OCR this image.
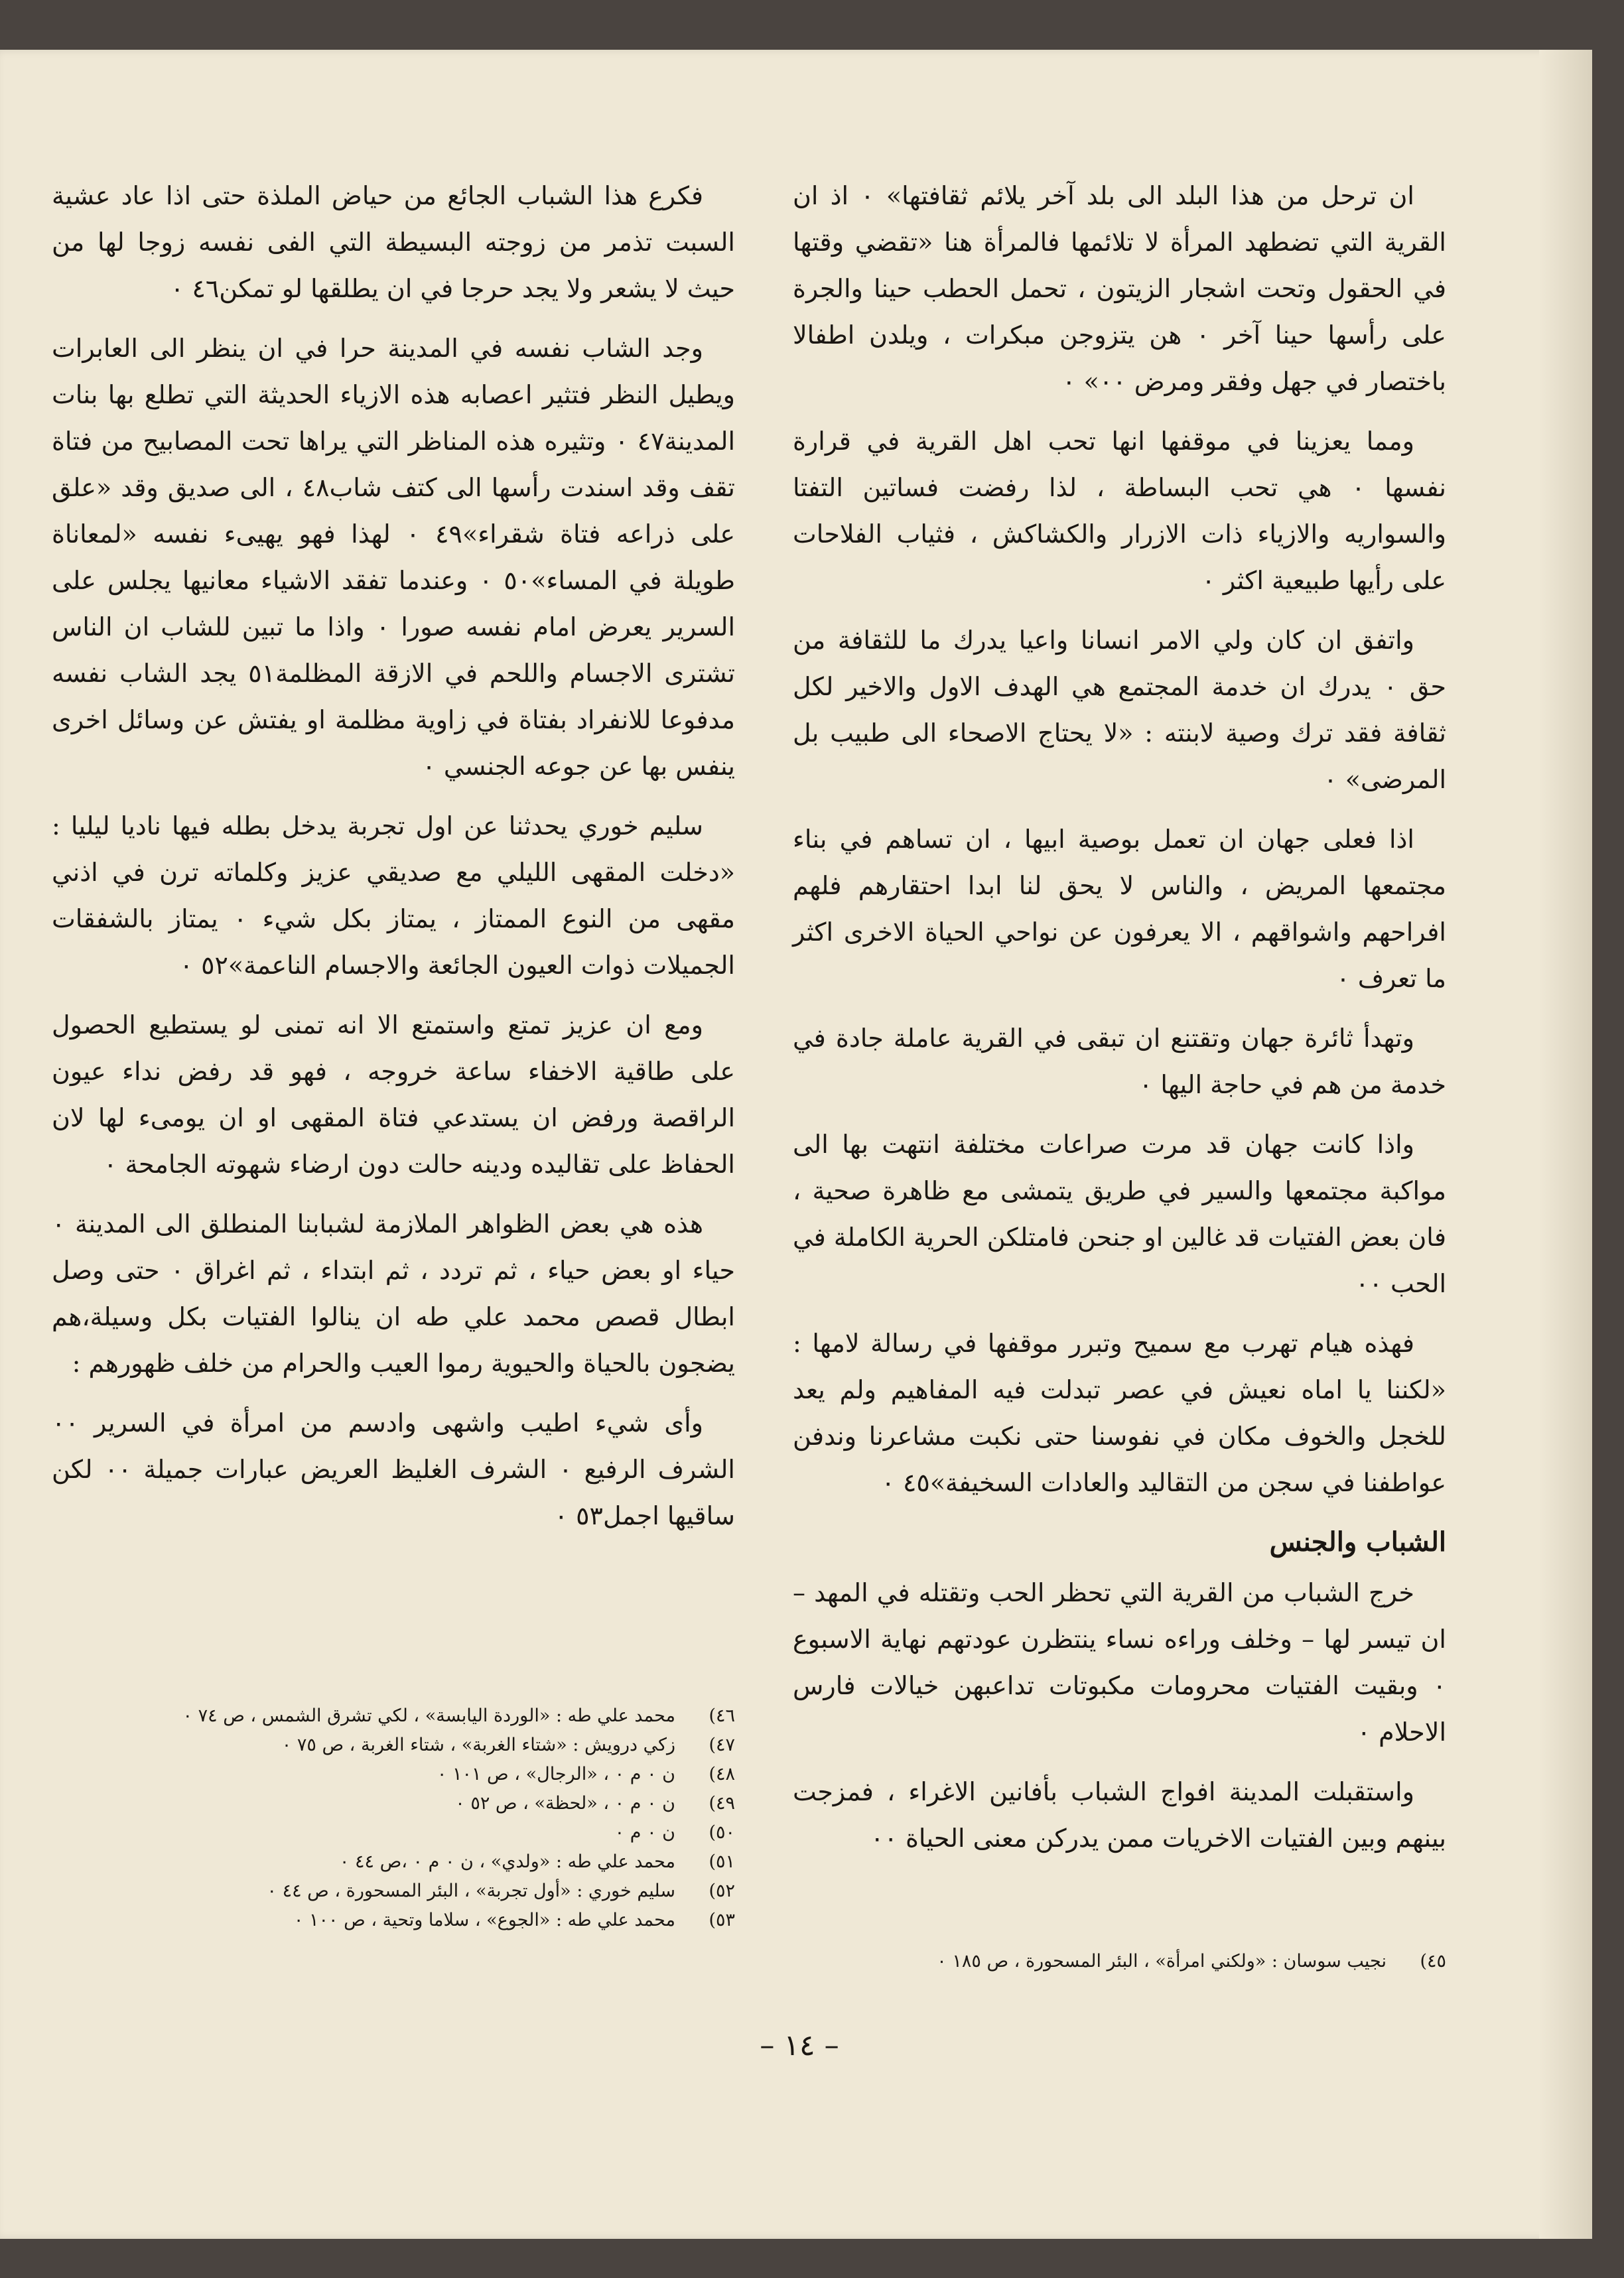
ان ترحل من هذا البلد الى بلد آخر يلائم ثقافتها» ٠ اذ ان القرية التي تضطهد المرأة لا تلائمها فالمرأة هنا «تقضي وقتها في الحقول وتحت اشجار الزيتون ، تحمل الحطب حينا والجرة على رأسها حينا آخر ٠ هن يتزوجن مبكرات ، ويلدن اطفالا باختصار في جهل وفقر ومرض ٠٠» ٠

ومما يعزينا في موقفها انها تحب اهل القرية في قرارة نفسها ٠ هي تحب البساطة ، لذا رفضت فساتين التفتا والسواريه والازياء ذات الازرار والكشاكش ، فثياب الفلاحات على رأيها طبيعية اكثر ٠

واتفق ان كان ولي الامر انسانا واعيا يدرك ما للثقافة من حق ٠ يدرك ان خدمة المجتمع هي الهدف الاول والاخير لكل ثقافة فقد ترك وصية لابنته : «لا يحتاج الاصحاء الى طبيب بل المرضى» ٠

اذا فعلى جهان ان تعمل بوصية ابيها ، ان تساهم في بناء مجتمعها المريض ، والناس لا يحق لنا ابدا احتقارهم فلهم افراحهم واشواقهم ، الا يعرفون عن نواحي الحياة الاخرى اكثر ما تعرف ٠

وتهدأ ثائرة جهان وتقتنع ان تبقى في القرية عاملة جادة في خدمة من هم في حاجة اليها ٠

واذا كانت جهان قد مرت صراعات مختلفة انتهت بها الى مواكبة مجتمعها والسير في طريق يتمشى مع ظاهرة صحية ، فان بعض الفتيات قد غالين او جنحن فامتلكن الحرية الكاملة في الحب ٠٠

فهذه هيام تهرب مع سميح وتبرر موقفها في رسالة لامها : «لكننا يا اماه نعيش في عصر تبدلت فيه المفاهيم ولم يعد للخجل والخوف مكان في نفوسنا حتى نكبت مشاعرنا وندفن عواطفنا في سجن من التقاليد والعادات السخيفة»٤٥ ٠

الشباب والجنس

خرج الشباب من القرية التي تحظر الحب وتقتله في المهد – ان تيسر لها – وخلف وراءه نساء ينتظرن عودتهم نهاية الاسبوع ٠ وبقيت الفتيات محرومات مكبوتات تداعبهن خيالات فارس الاحلام ٠

واستقبلت المدينة افواج الشباب بأفانين الاغراء ، فمزجت بينهم وبين الفتيات الاخريات ممن يدركن معنى الحياة ٠٠

فكرع هذا الشباب الجائع من حياض الملذة حتى اذا عاد عشية السبت تذمر من زوجته البسيطة التي الفى نفسه زوجا لها من حيث لا يشعر ولا يجد حرجا في ان يطلقها لو تمكن٤٦ ٠

وجد الشاب نفسه في المدينة حرا في ان ينظر الى العابرات ويطيل النظر فتثير اعصابه هذه الازياء الحديثة التي تطلع بها بنات المدينة٤٧ ٠ وتثيره هذه المناظر التي يراها تحت المصابيح من فتاة تقف وقد اسندت رأسها الى كتف شاب٤٨ ، الى صديق وقد «علق على ذراعه فتاة شقراء»٤٩ ٠ لهذا فهو يهيىء نفسه «لمعاناة طويلة في المساء»٥٠ ٠ وعندما تفقد الاشياء معانيها يجلس على السرير يعرض امام نفسه صورا ٠ واذا ما تبين للشاب ان الناس تشترى الاجسام واللحم في الازقة المظلمة٥١ يجد الشاب نفسه مدفوعا للانفراد بفتاة في زاوية مظلمة او يفتش عن وسائل اخرى ينفس بها عن جوعه الجنسي ٠

سليم خوري يحدثنا عن اول تجربة يدخل بطله فيها ناديا ليليا : «دخلت المقهى الليلي مع صديقي عزيز وكلماته ترن في اذني مقهى من النوع الممتاز ، يمتاز بكل شيء ٠ يمتاز بالشفقات الجميلات ذوات العيون الجائعة والاجسام الناعمة»٥٢ ٠

ومع ان عزيز تمتع واستمتع الا انه تمنى لو يستطيع الحصول على طاقية الاخفاء ساعة خروجه ، فهو قد رفض نداء عيون الراقصة ورفض ان يستدعي فتاة المقهى او ان يومىء لها لان الحفاظ على تقاليده ودينه حالت دون ارضاء شهوته الجامحة ٠

هذه هي بعض الظواهر الملازمة لشبابنا المنطلق الى المدينة ٠ حياء او بعض حياء ، ثم تردد ، ثم ابتداء ، ثم اغراق ٠ حتى وصل ابطال قصص محمد علي طه ان ينالوا الفتيات بكل وسيلة،هم يضجون بالحياة والحيوية رموا العيب والحرام من خلف ظهورهم :

وأى شيء اطيب واشهى وادسم من امرأة في السرير ٠٠ الشرف الرفيع ٠ الشرف الغليظ العريض عبارات جميلة ٠٠ لكن ساقيها اجمل٥٣ ٠

٤٦)محمد علي طه : «الوردة اليابسة» ، لكي تشرق الشمس ، ص ٧٤ ٠
٤٧)زكي درويش : «شتاء الغربة» ، شتاء الغربة ، ص ٧٥ ٠
٤٨)ن ٠ م ٠ ، «الرجال» ، ص ١٠١ ٠
٤٩)ن ٠ م ٠ ، «لحظة» ، ص ٥٢ ٠
٥٠)ن ٠ م ٠
٥١)محمد علي طه : «ولدي» ، ن ٠ م ٠ ،ص ٤٤ ٠
٥٢)سليم خوري : «أول تجربة» ، البئر المسحورة ، ص ٤٤ ٠
٥٣)محمد علي طه : «الجوع» ، سلاما وتحية ، ص ١٠٠ ٠
٤٥)نجيب سوسان : «ولكني امرأة» ، البئر المسحورة ، ص ١٨٥ ٠
– ١٤ –
